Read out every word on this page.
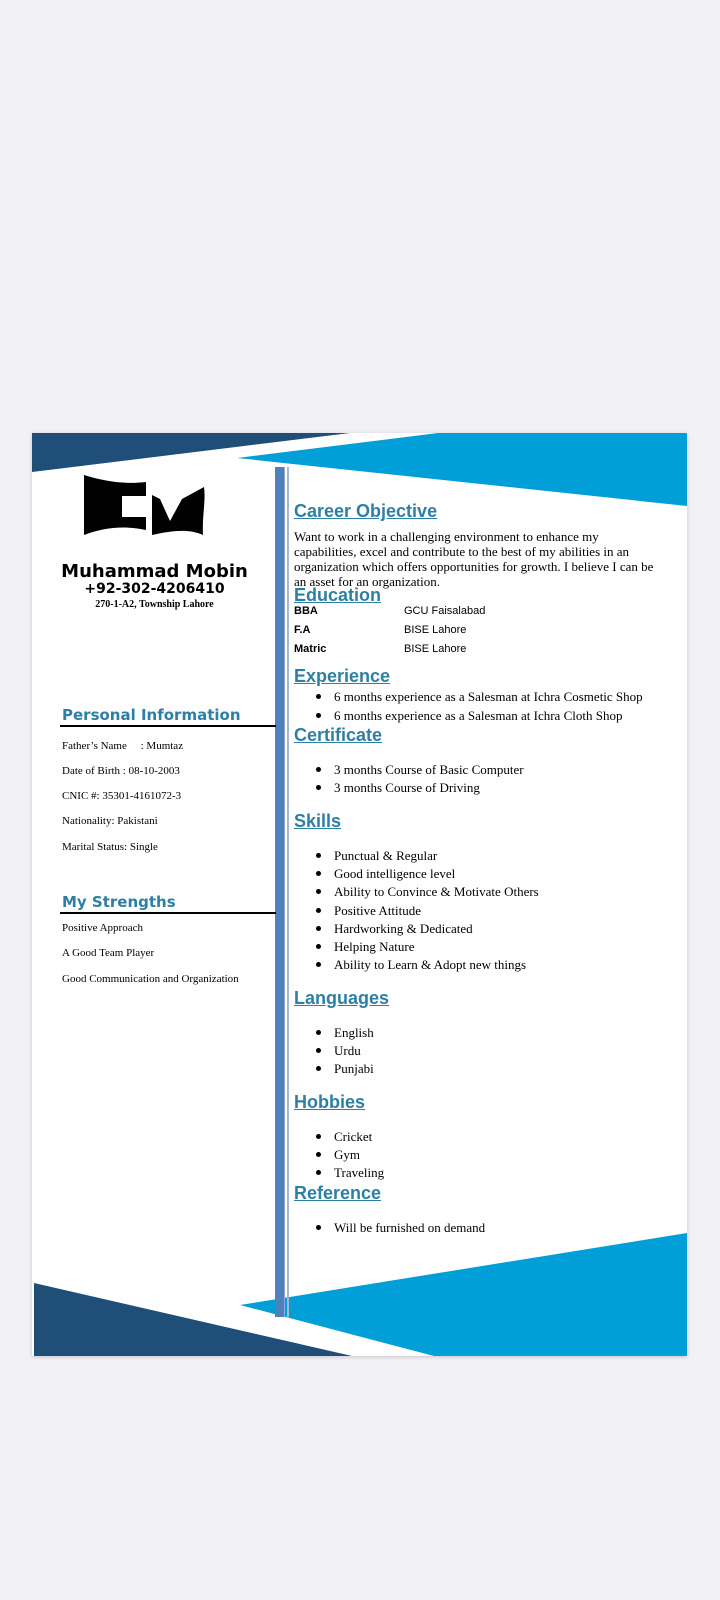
Muhammad Mobin
+92-302-4206410
270-1-A2, Township Lahore
Personal Information
Father’s Name     : Mumtaz
Date of Birth : 08-10-2003
CNIC #: 35301-4161072-3
Nationality: Pakistani
Marital Status: Single
My Strengths
Positive Approach
A Good Team Player
Good Communication and Organization
Career Objective
Want to work in a challenging environment to enhance my capabilities, excel and contribute to the best of my abilities in an organization which offers opportunities for growth. I believe I can be an asset for an organization.
Education
BBA	GCU Faisalabad
F.A	BISE Lahore
Matric	BISE Lahore
Experience
6 months experience as a Salesman at Ichra Cosmetic Shop
6 months experience as a Salesman at Ichra Cloth Shop
Certificate
3 months Course of Basic Computer
3 months Course of Driving
Skills
Punctual & Regular
Good intelligence level
Ability to Convince & Motivate Others
Positive Attitude
Hardworking & Dedicated
Helping Nature
Ability to Learn & Adopt new things
Languages
English
Urdu
Punjabi
Hobbies
Cricket
Gym
Traveling
Reference
Will be furnished on demand
